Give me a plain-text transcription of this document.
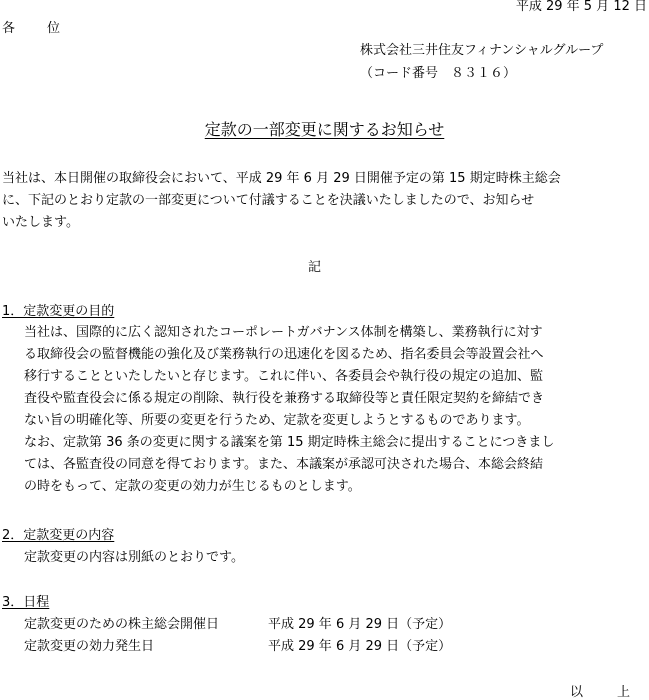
平成 29 年 5 月 12 日
各 位
株式会社三井住友フィナンシャルグループ
（コード番号　８３１６）
定款の一部変更に関するお知らせ
当社は、本日開催の取締役会において、平成 29 年 6 月 29 日開催予定の第 15 期定時株主総会
に、下記のとおり定款の一部変更について付議することを決議いたしましたので、お知らせ
いたします。
記
1．定款変更の目的
当社は、国際的に広く認知されたコーポレートガバナンス体制を構築し、業務執行に対す
る取締役会の監督機能の強化及び業務執行の迅速化を図るため、指名委員会等設置会社へ
移行することといたしたいと存じます。これに伴い、各委員会や執行役の規定の追加、監
査役や監査役会に係る規定の削除、執行役を兼務する取締役等と責任限定契約を締結でき
ない旨の明確化等、所要の変更を行うため、定款を変更しようとするものであります。
なお、定款第 36 条の変更に関する議案を第 15 期定時株主総会に提出することにつきまし
ては、各監査役の同意を得ております。また、本議案が承認可決された場合、本総会終結
の時をもって、定款の変更の効力が生じるものとします。
2．定款変更の内容
定款変更の内容は別紙のとおりです。
3．日程
定款変更のための株主総会開催日	平成 29 年 6 月 29 日（予定）
定款変更の効力発生日	平成 29 年 6 月 29 日（予定）
以	上
